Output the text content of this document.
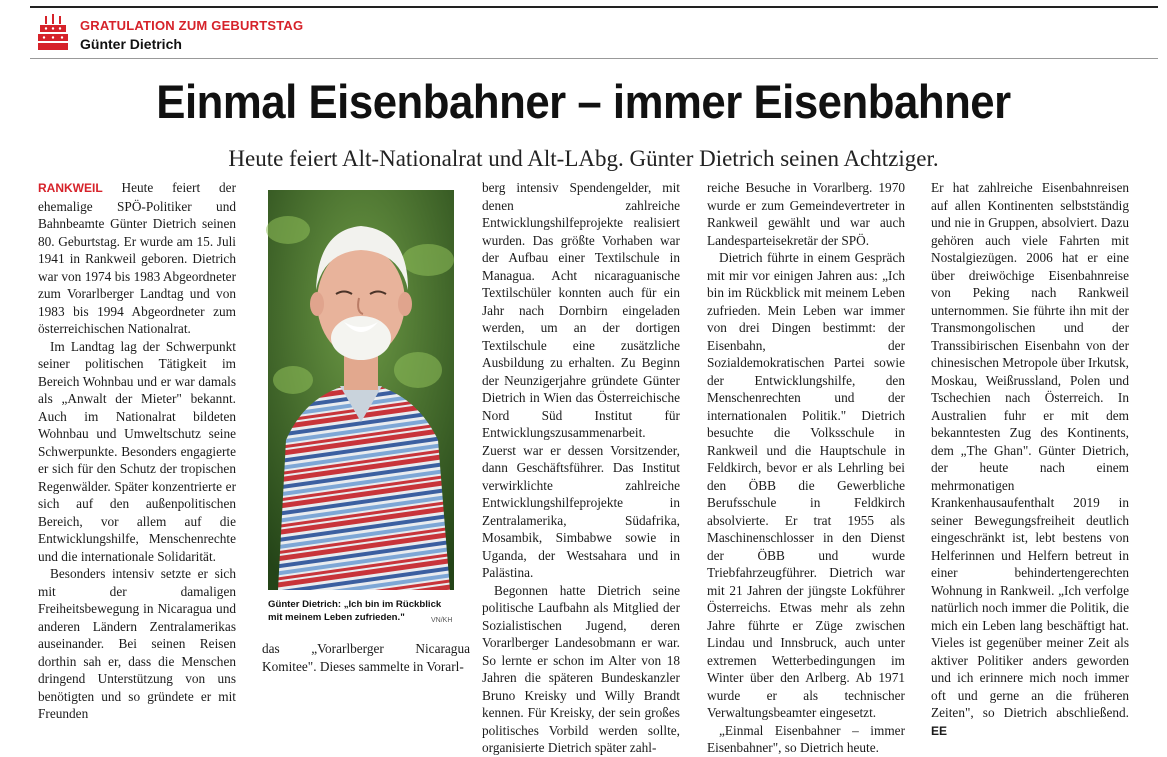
GRATULATION ZUM GEBURTSTAG
Günter Dietrich
Einmal Eisenbahner – immer Eisenbahner
Heute feiert Alt-Nationalrat und Alt-LAbg. Günter Dietrich seinen Achtziger.

RANKWEIL Heute feiert der ehemalige SPÖ-Politiker und Bahnbeamte Günter Dietrich seinen 80. Geburtstag. Er wurde am 15. Juli 1941 in Rankweil geboren. Dietrich war von 1974 bis 1983 Abgeordneter zum Vorarlberger Landtag und von 1983 bis 1994 Abgeordneter zum österreichischen Nationalrat.

Im Landtag lag der Schwerpunkt seiner politischen Tätigkeit im Bereich Wohnbau und er war damals als „Anwalt der Mieter" bekannt. Auch im Nationalrat bildeten Wohnbau und Umweltschutz seine Schwerpunkte. Besonders engagierte er sich für den Schutz der tropischen Regenwälder. Später konzentrierte er sich auf den außenpolitischen Bereich, vor allem auf die Entwicklungshilfe, Menschenrechte und die internationale Solidarität.

Besonders intensiv setzte er sich mit der damaligen Freiheitsbewegung in Nicaragua und anderen Ländern Zentralamerikas auseinander. Bei seinen Reisen dorthin sah er, dass die Menschen dringend Unterstützung von uns benötigten und so gründete er mit Freunden

Günter Dietrich: „Ich bin im Rückblick mit meinem Leben zufrieden."	VN/KH

das „Vorarlberger Nicaragua Komitee". Dieses sammelte in Vorarl-

berg intensiv Spendengelder, mit denen zahlreiche Entwicklungshilfeprojekte realisiert wurden. Das größte Vorhaben war der Aufbau einer Textilschule in Managua. Acht nicaraguanische Textilschüler konnten auch für ein Jahr nach Dornbirn eingeladen werden, um an der dortigen Textilschule eine zusätzliche Ausbildung zu erhalten. Zu Beginn der Neunzigerjahre gründete Günter Dietrich in Wien das Österreichische Nord Süd Institut für Entwicklungszusammenarbeit. Zuerst war er dessen Vorsitzender, dann Geschäftsführer. Das Institut verwirklichte zahlreiche Entwicklungshilfeprojekte in Zentralamerika, Südafrika, Mosambik, Simbabwe sowie in Uganda, der Westsahara und in Palästina.

Begonnen hatte Dietrich seine politische Laufbahn als Mitglied der Sozialistischen Jugend, deren Vorarlberger Landesobmann er war. So lernte er schon im Alter von 18 Jahren die späteren Bundeskanzler Bruno Kreisky und Willy Brandt kennen. Für Kreisky, der sein großes politisches Vorbild werden sollte, organisierte Dietrich später zahl-

reiche Besuche in Vorarlberg. 1970 wurde er zum Gemeindevertreter in Rankweil gewählt und war auch Landesparteisekretär der SPÖ.

Dietrich führte in einem Gespräch mit mir vor einigen Jahren aus: „Ich bin im Rückblick mit meinem Leben zufrieden. Mein Leben war immer von drei Dingen bestimmt: der Eisenbahn, der Sozialdemokratischen Partei sowie der Entwicklungshilfe, den Menschenrechten und der internationalen Politik." Dietrich besuchte die Volksschule in Rankweil und die Hauptschule in Feldkirch, bevor er als Lehrling bei den ÖBB die Gewerbliche Berufsschule in Feldkirch absolvierte. Er trat 1955 als Maschinenschlosser in den Dienst der ÖBB und wurde Triebfahrzeugführer. Dietrich war mit 21 Jahren der jüngste Lokführer Österreichs. Etwas mehr als zehn Jahre führte er Züge zwischen Lindau und Innsbruck, auch unter extremen Wetterbedingungen im Winter über den Arlberg. Ab 1971 wurde er als technischer Verwaltungsbeamter eingesetzt.

„Einmal Eisenbahner – immer Eisenbahner", so Dietrich heute.

Er hat zahlreiche Eisenbahnreisen auf allen Kontinenten selbstständig und nie in Gruppen, absolviert. Dazu gehören auch viele Fahrten mit Nostalgiezügen. 2006 hat er eine über dreiwöchige Eisenbahnreise von Peking nach Rankweil unternommen. Sie führte ihn mit der Transmongolischen und der Transsibirischen Eisenbahn von der chinesischen Metropole über Irkutsk, Moskau, Weißrussland, Polen und Tschechien nach Österreich. In Australien fuhr er mit dem bekanntesten Zug des Kontinents, dem „The Ghan". Günter Dietrich, der heute nach einem mehrmonatigen Krankenhausaufenthalt 2019 in seiner Bewegungsfreiheit deutlich eingeschränkt ist, lebt bestens von Helferinnen und Helfern betreut in einer behindertengerechten Wohnung in Rankweil. „Ich verfolge natürlich noch immer die Politik, die mich ein Leben lang beschäftigt hat. Vieles ist gegenüber meiner Zeit als aktiver Politiker anders geworden und ich erinnere mich noch immer oft und gerne an die früheren Zeiten", so Dietrich abschließend. EE
